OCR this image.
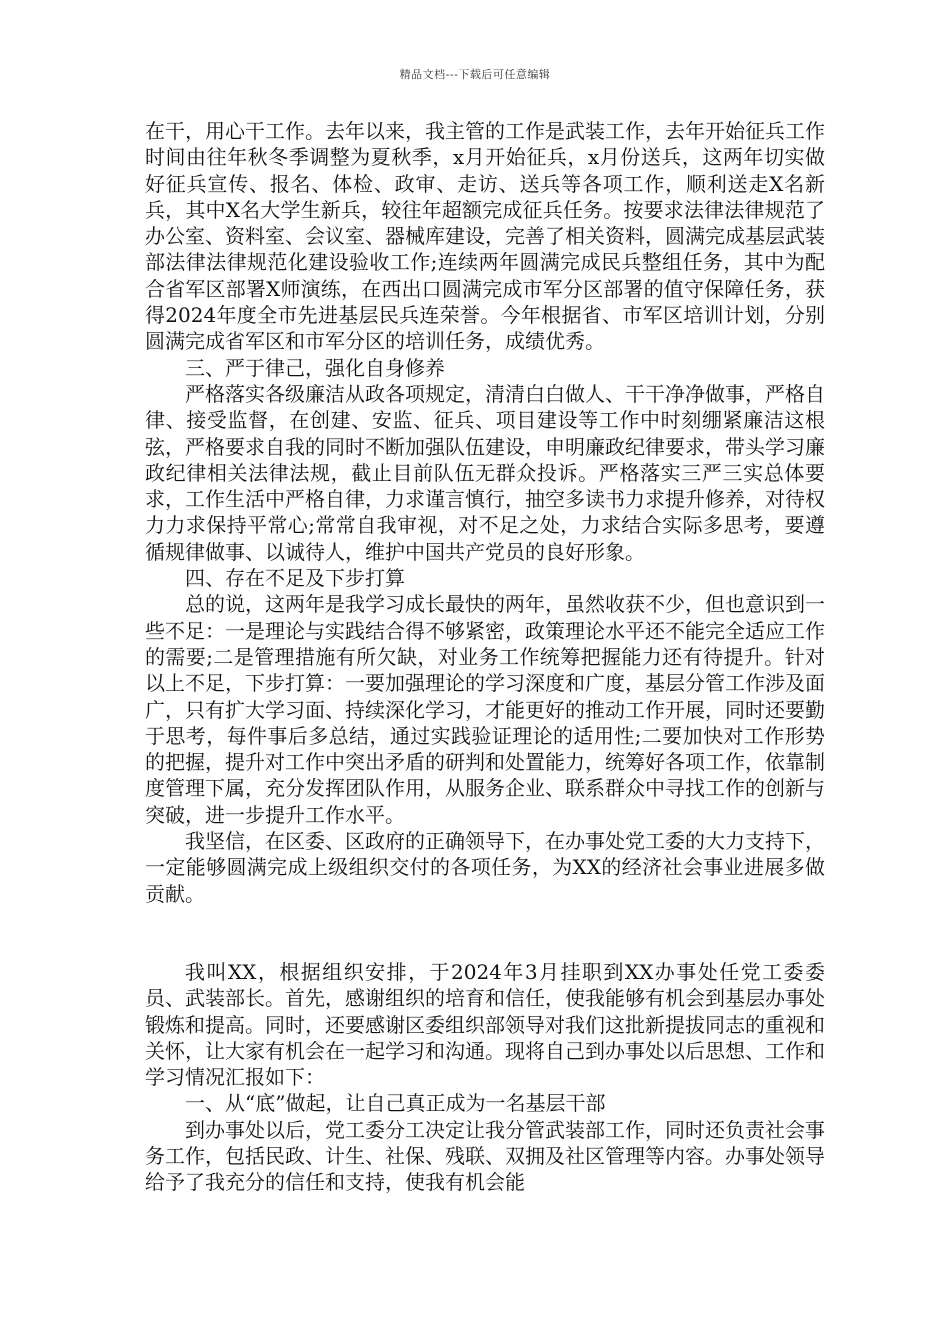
精品文档---下载后可任意编辑

在干，用心干工作。去年以来，我主管的工作是武装工作，去年开始征兵工作时间由往年秋冬季调整为夏秋季，x月开始征兵，x月份送兵，这两年切实做好征兵宣传、报名、体检、政审、走访、送兵等各项工作，顺利送走X名新兵，其中X名大学生新兵，较往年超额完成征兵任务。按要求法律法律规范了办公室、资料室、会议室、器械库建设，完善了相关资料，圆满完成基层武装部法律法律规范化建设验收工作;连续两年圆满完成民兵整组任务，其中为配合省军区部署X师演练，在西出口圆满完成市军分区部署的值守保障任务，获得2024年度全市先进基层民兵连荣誉。今年根据省、市军区培训计划，分别圆满完成省军区和市军分区的培训任务，成绩优秀。

三、严于律己，强化自身修养

严格落实各级廉洁从政各项规定，清清白白做人、干干净净做事，严格自律、接受监督，在创建、安监、征兵、项目建设等工作中时刻绷紧廉洁这根弦，严格要求自我的同时不断加强队伍建设，申明廉政纪律要求，带头学习廉政纪律相关法律法规，截止目前队伍无群众投诉。严格落实三严三实总体要求，工作生活中严格自律，力求谨言慎行，抽空多读书力求提升修养，对待权力力求保持平常心;常常自我审视，对不足之处，力求结合实际多思考，要遵循规律做事、以诚待人，维护中国共产党员的良好形象。

四、存在不足及下步打算

总的说，这两年是我学习成长最快的两年，虽然收获不少，但也意识到一些不足：一是理论与实践结合得不够紧密，政策理论水平还不能完全适应工作的需要;二是管理措施有所欠缺，对业务工作统筹把握能力还有待提升。针对以上不足，下步打算：一要加强理论的学习深度和广度，基层分管工作涉及面广，只有扩大学习面、持续深化学习，才能更好的推动工作开展，同时还要勤于思考，每件事后多总结，通过实践验证理论的适用性;二要加快对工作形势的把握，提升对工作中突出矛盾的研判和处置能力，统筹好各项工作，依靠制度管理下属，充分发挥团队作用，从服务企业、联系群众中寻找工作的创新与突破，进一步提升工作水平。

我坚信，在区委、区政府的正确领导下，在办事处党工委的大力支持下，一定能够圆满完成上级组织交付的各项任务，为XX的经济社会事业进展多做贡献。

我叫XX，根据组织安排，于2024年3月挂职到XX办事处任党工委委员、武装部长。首先，感谢组织的培育和信任，使我能够有机会到基层办事处锻炼和提高。同时，还要感谢区委组织部领导对我们这批新提拔同志的重视和关怀，让大家有机会在一起学习和沟通。现将自己到办事处以后思想、工作和学习情况汇报如下：

一、从“底”做起，让自己真正成为一名基层干部

到办事处以后，党工委分工决定让我分管武装部工作，同时还负责社会事务工作，包括民政、计生、社保、残联、双拥及社区管理等内容。办事处领导给予了我充分的信任和支持，使我有机会能
